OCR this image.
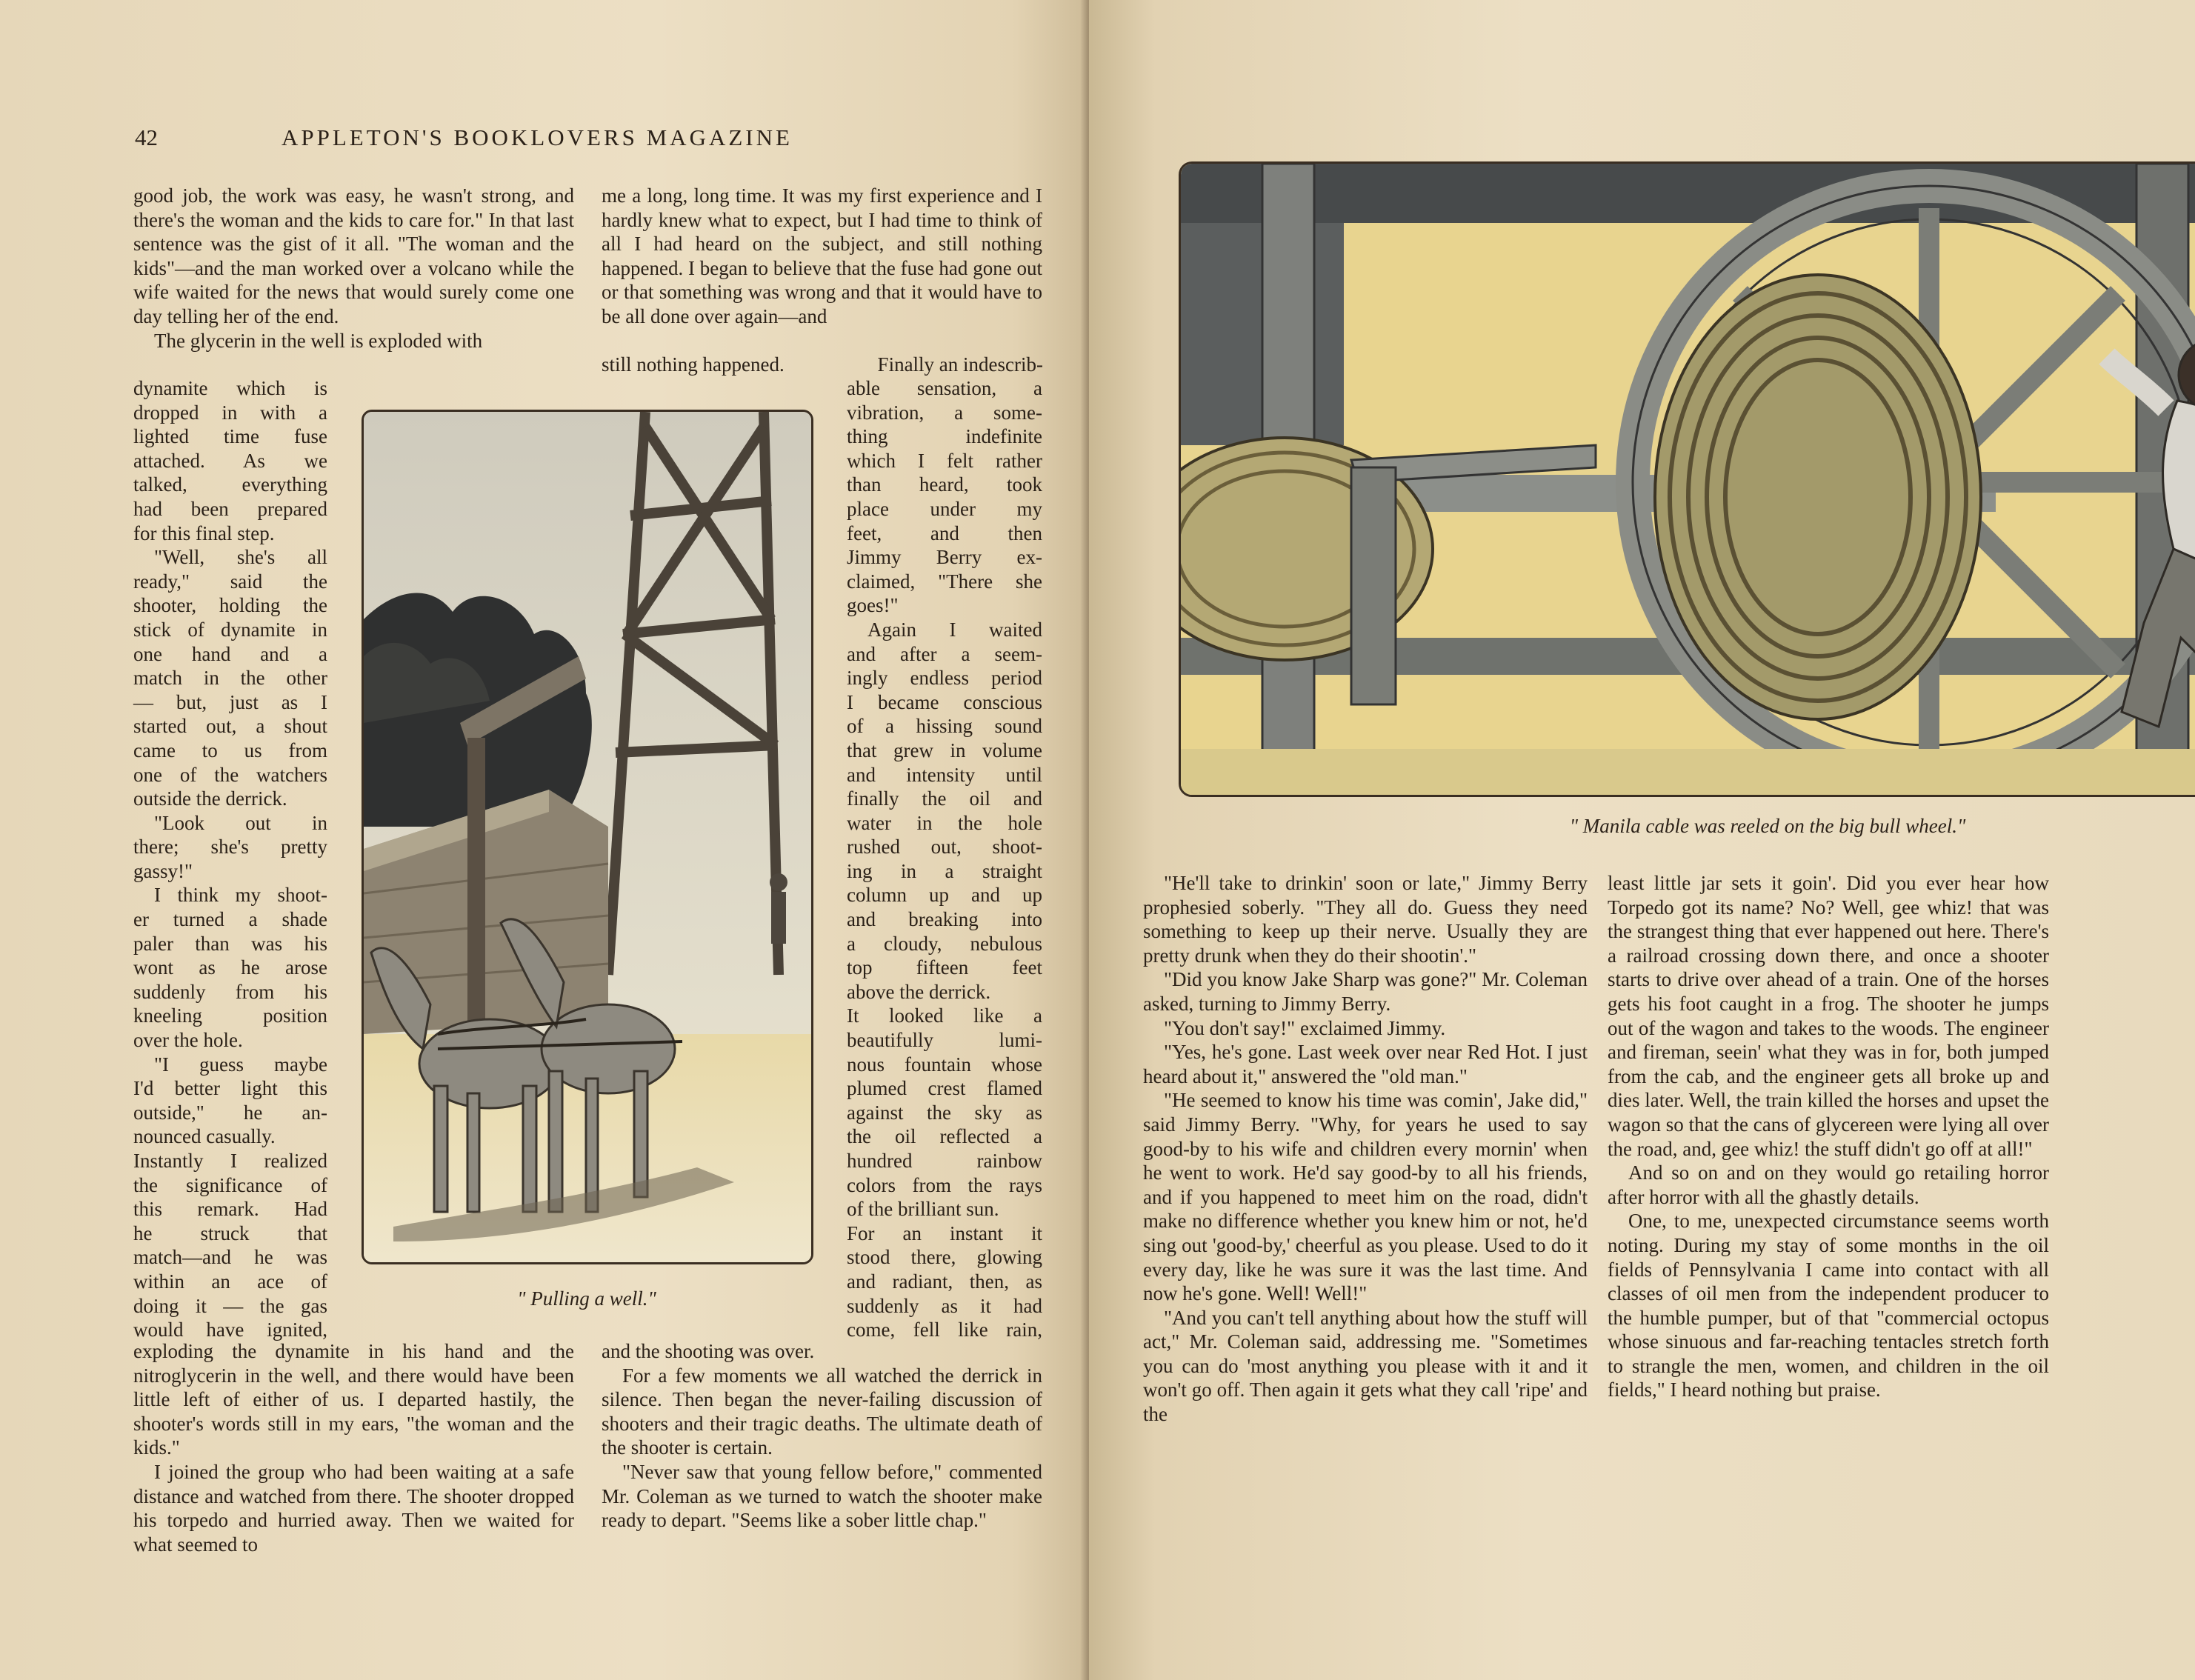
42	APPLETON'S BOOKLOVERS MAGAZINE

good job, the work was easy, he wasn't strong, and there's the woman and the kids to care for." In that last sentence was the gist of it all. "The woman and the kids"—and the man worked over a volcano while the wife waited for the news that would surely come one day telling her of the end.

The glycerin in the well is exploded with

dynamite which is
dropped in with a
lighted time fuse
attached. As we
talked, everything
had been prepared
for this final step.
"Well, she's all
ready," said the
shooter, holding the
stick of dynamite in
one hand and a
match in the other
— but, just as I
started out, a shout
came to us from
one of the watchers
outside the derrick.
"Look out in
there; she's pretty
gassy!"
I think my shoot-
er turned a shade
paler than was his
wont as he arose
suddenly from his
kneeling position
over the hole.
"I guess maybe
I'd better light this
outside," he an-
nounced casually.
Instantly I realized
the significance of
this remark. Had
he struck that
match—and he was
within an ace of
doing it — the gas
would have ignited,

exploding the dynamite in his hand and the nitroglycerin in the well, and there would have been little left of either of us. I departed hastily, the shooter's words still in my ears, "the woman and the kids."

I joined the group who had been waiting at a safe distance and watched from there. The shooter dropped his torpedo and hurried away. Then we waited for what seemed to

me a long, long time. It was my first experience and I hardly knew what to expect, but I had time to think of all I had heard on the subject, and still nothing happened. I began to believe that the fuse had gone out or that something was wrong and that it would have to be all done over again—and

still nothing happened.	Finally an indescrib-
able sensation, a
vibration, a some-
thing indefinite
which I felt rather
than heard, took
place under my
feet, and then
Jimmy Berry ex-
claimed, "There she
goes!"
Again I waited
and after a seem-
ingly endless period
I became conscious
of a hissing sound
that grew in volume
and intensity until
finally the oil and
water in the hole
rushed out, shoot-
ing in a straight
column up and up
and breaking into
a cloudy, nebulous
top fifteen feet
above the derrick.
It looked like a
beautifully lumi-
nous fountain whose
plumed crest flamed
against the sky as
the oil reflected a
hundred rainbow
colors from the rays
of the brilliant sun.
For an instant it
stood there, glowing
and radiant, then, as
suddenly as it had
come, fell like rain,

and the shooting was over.

For a few moments we all watched the derrick in silence. Then began the never-failing discussion of shooters and their tragic deaths. The ultimate death of the shooter is certain.

"Never saw that young fellow before," commented Mr. Coleman as we turned to watch the shooter make ready to depart. "Seems like a sober little chap."

" Pulling a well."
" Manila cable was reeled on the big bull wheel."

"He'll take to drinkin' soon or late," Jimmy Berry prophesied soberly. "They all do. Guess they need something to keep up their nerve. Usually they are pretty drunk when they do their shootin'."

"Did you know Jake Sharp was gone?" Mr. Coleman asked, turning to Jimmy Berry.

"You don't say!" exclaimed Jimmy.

"Yes, he's gone. Last week over near Red Hot. I just heard about it," answered the "old man."

"He seemed to know his time was comin', Jake did," said Jimmy Berry. "Why, for years he used to say good-by to his wife and children every mornin' when he went to work. He'd say good-by to all his friends, and if you happened to meet him on the road, didn't make no difference whether you knew him or not, he'd sing out 'good-by,' cheerful as you please. Used to do it every day, like he was sure it was the last time. And now he's gone. Well! Well!"

"And you can't tell anything about how the stuff will act," Mr. Coleman said, addressing me. "Sometimes you can do 'most anything you please with it and it won't go off. Then again it gets what they call 'ripe' and the

least little jar sets it goin'. Did you ever hear how Torpedo got its name? No? Well, gee whiz! that was the strangest thing that ever happened out here. There's a railroad crossing down there, and once a shooter starts to drive over ahead of a train. One of the horses gets his foot caught in a frog. The shooter he jumps out of the wagon and takes to the woods. The engineer and fireman, seein' what they was in for, both jumped from the cab, and the engineer gets all broke up and dies later. Well, the train killed the horses and upset the wagon so that the cans of glycereen were lying all over the road, and, gee whiz! the stuff didn't go off at all!"

And so on and on they would go retailing horror after horror with all the ghastly details.

One, to me, unexpected circumstance seems worth noting. During my stay of some months in the oil fields of Pennsylvania I came into contact with all classes of oil men from the independent producer to the humble pumper, but of that "commercial octopus whose sinuous and far-reaching tentacles stretch forth to strangle the men, women, and children in the oil fields," I heard nothing but praise.
